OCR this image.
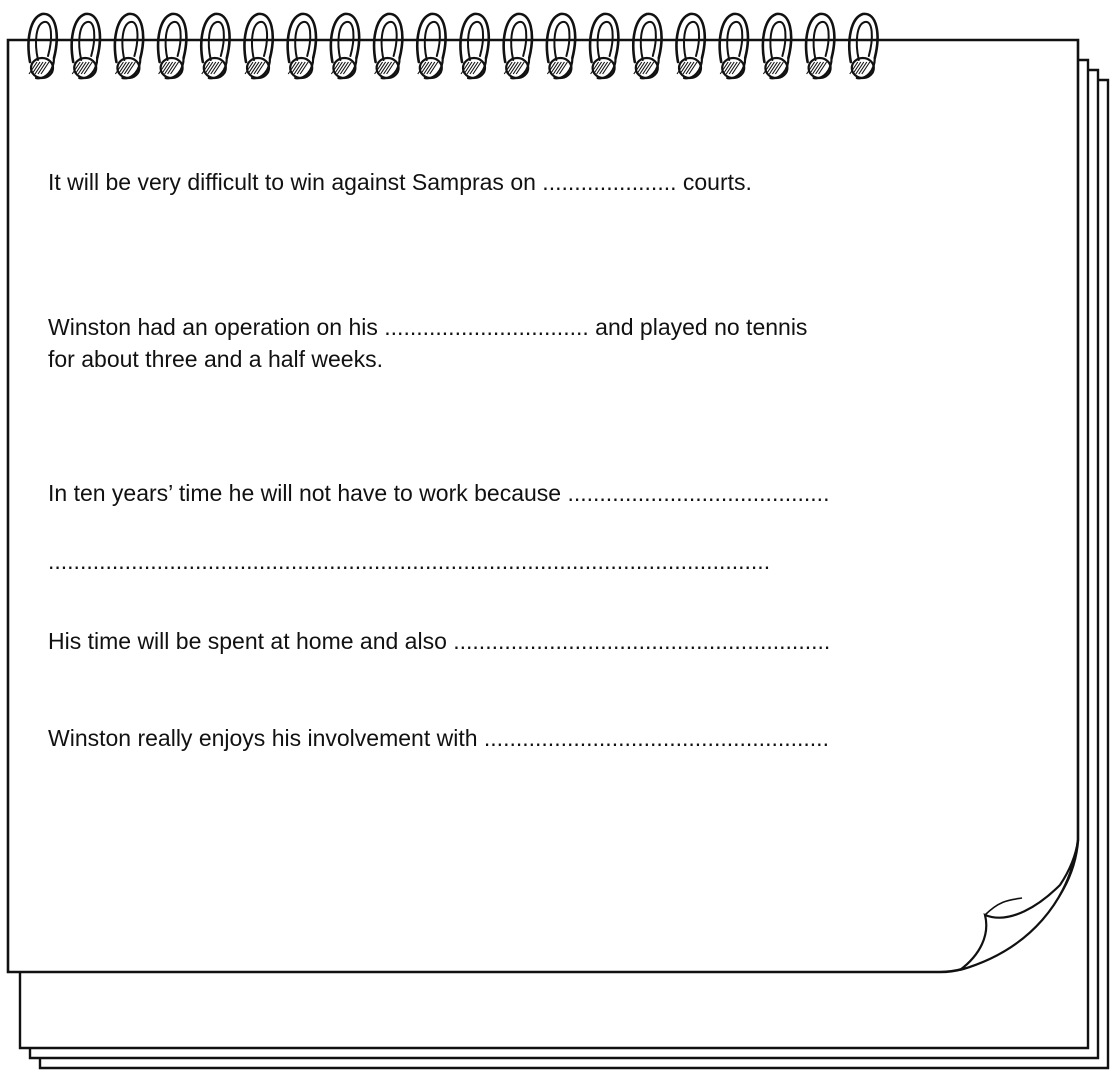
It will be very difficult to win against Sampras on ..................... courts.

Winston had an operation on his ................................ and played no tennis

for about three and a half weeks.

In ten years’ time he will not have to work because .........................................

.................................................................................................................

His time will be spent at home and also ...........................................................

Winston really enjoys his involvement with ......................................................
